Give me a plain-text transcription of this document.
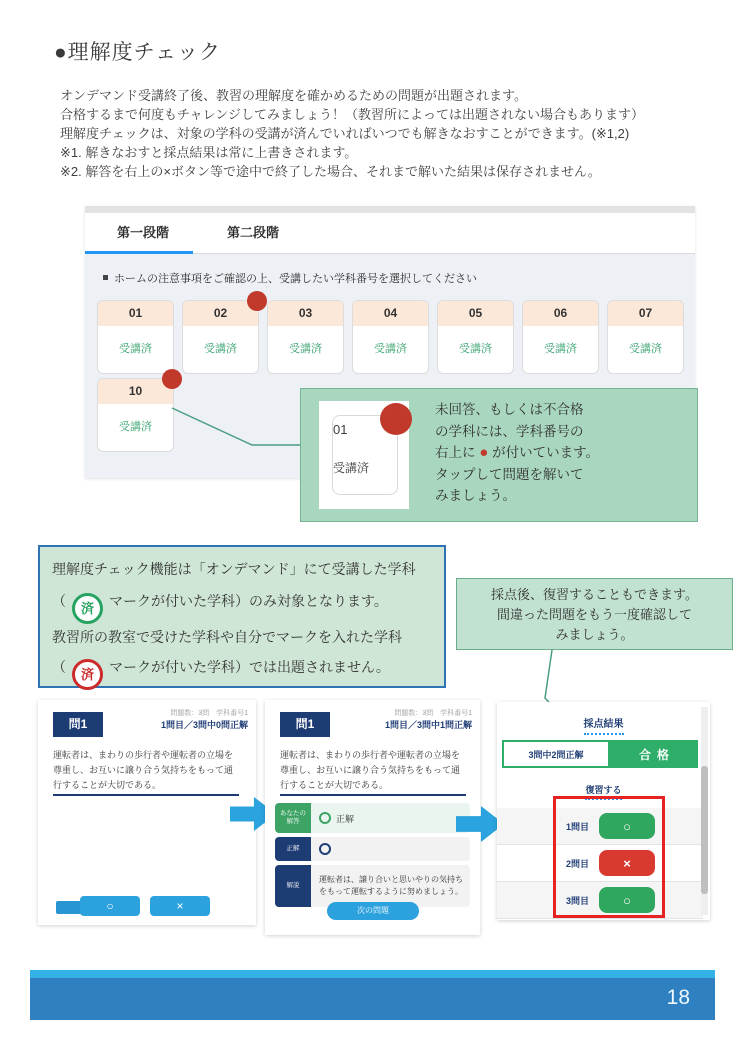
●理解度チェック
オンデマンド受講終了後、教習の理解度を確かめるための問題が出題されます。
合格するまで何度もチャレンジしてみましょう！（教習所によっては出題されない場合もあります）
理解度チェックは、対象の学科の受講が済んでいればいつでも解きなおすことができます。(※1,2)
※1. 解きなおすと採点結果は常に上書きされます。
※2. 解答を右上の×ボタン等で途中で終了した場合、それまで解いた結果は保存されません。
第一段階	第二段階
ホームの注意事項をご確認の上、受講したい学科番号を選択してください
01
受講済
02
受講済
03
受講済
04
受講済
05
受講済
06
受講済
07
受講済
10
受講済	01
受講済
未回答、もしくは不合格
の学科には、学科番号の
右上に ● が付いています。
タップして問題を解いて
みましょう。
理解度チェック機能は「オンデマンド」にて受講した学科
（ 済 マークが付いた学科）のみ対象となります。
教習所の教室で受けた学科や自分でマークを入れた学科
（ 済 マークが付いた学科）では出題されません。
採点後、復習することもできます。
間違った問題をもう一度確認して
みましょう。
問1
問題数：3問　学科番号1
1問目／3問中0問正解
運転者は、まわりの歩行者や運転者の立場を尊重し、お互いに譲り合う気持ちをもって通行することが大切である。
○	×
問1
問題数：3問　学科番号1
1問目／3問中1問正解
運転者は、まわりの歩行者や運転者の立場を尊重し、お互いに譲り合う気持ちをもって通行することが大切である。
あなたの解答	正解
正解
解説
運転者は、譲り合いと思いやりの気持ちをもって運転するように努めましょう。
次の問題
採点結果
3問中2問正解	合格
復習する
1問目	○
2問目	×
3問目	○
18
